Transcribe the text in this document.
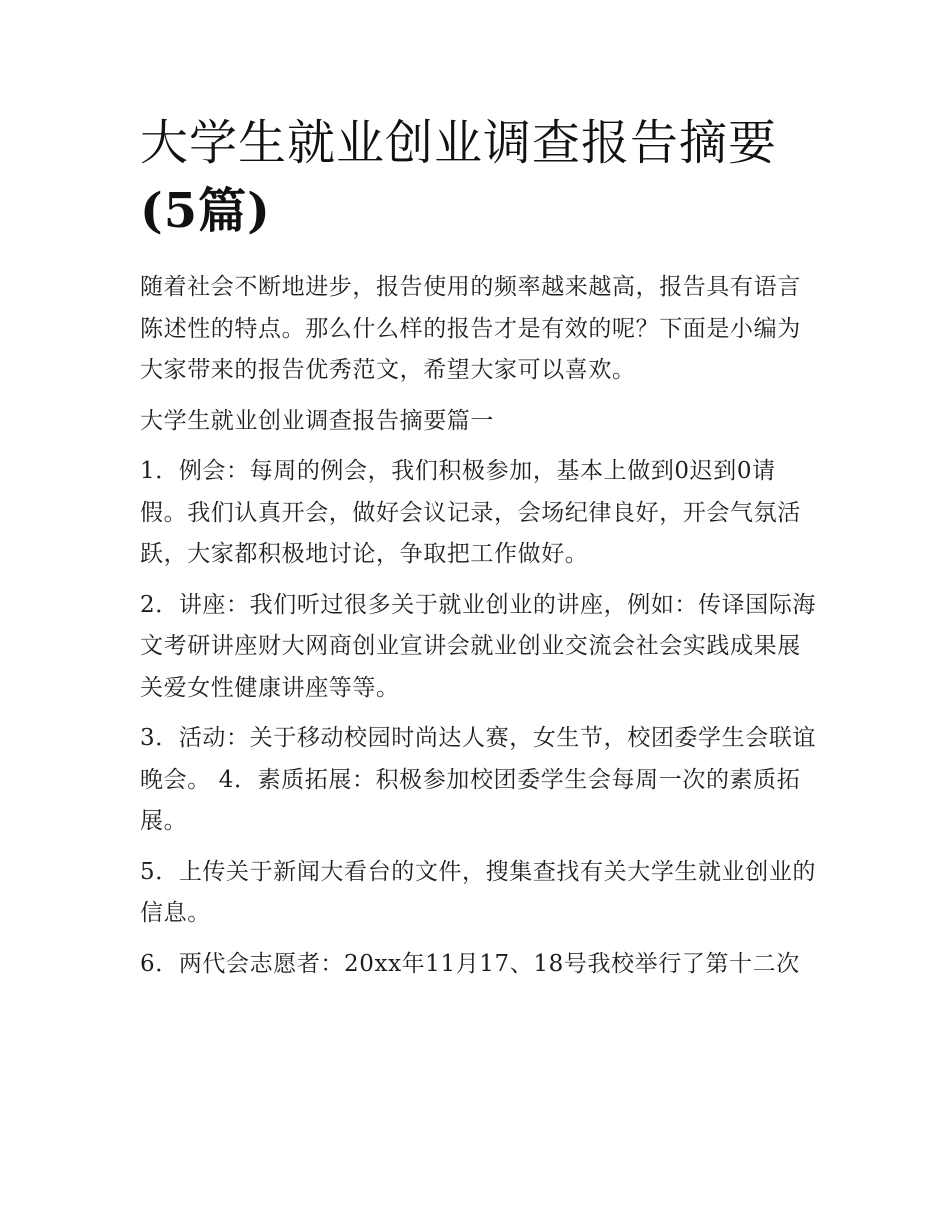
大学生就业创业调查报告摘要
(5篇)

随着社会不断地进步，报告使用的频率越来越高，报告具有语言陈述性的特点。那么什么样的报告才是有效的呢？下面是小编为大家带来的报告优秀范文，希望大家可以喜欢。

大学生就业创业调查报告摘要篇一

1．例会：每周的例会，我们积极参加，基本上做到0迟到0请假。我们认真开会，做好会议记录，会场纪律良好，开会气氛活跃，大家都积极地讨论，争取把工作做好。

2．讲座：我们听过很多关于就业创业的讲座，例如：传译国际海文考研讲座财大网商创业宣讲会就业创业交流会社会实践成果展关爱女性健康讲座等等。

3．活动：关于移动校园时尚达人赛，女生节，校团委学生会联谊晚会。 4．素质拓展：积极参加校团委学生会每周一次的素质拓展。

5．上传关于新闻大看台的文件，搜集查找有关大学生就业创业的信息。

6．两代会志愿者：20xx年11月17、18号我校举行了第十二次
